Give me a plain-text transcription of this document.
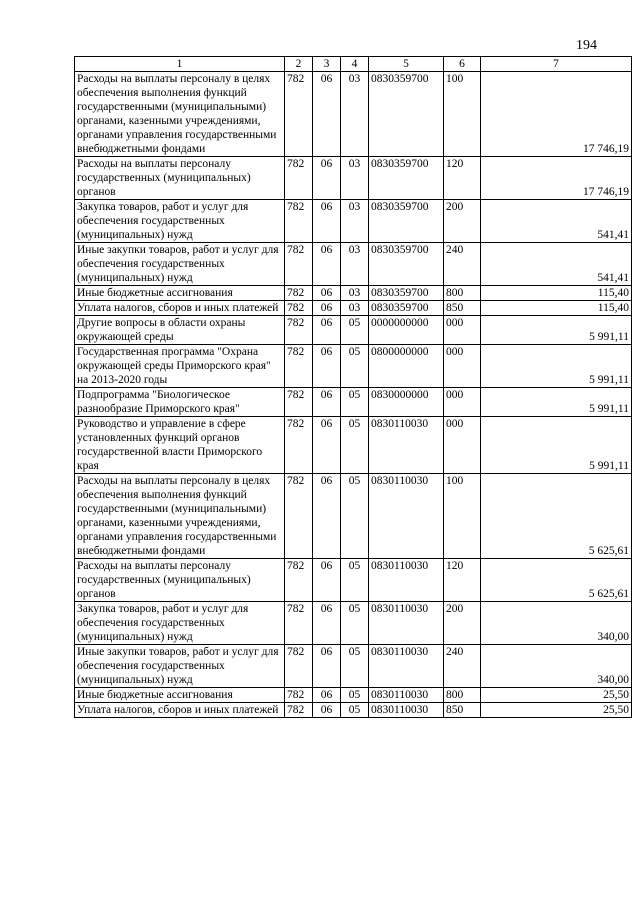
194
1	2	3	4	5	6	7
Расходы на выплаты персоналу в целях обеспечения выполнения функций государственными (муниципальными) органами, казенными учреждениями, органами управления государственными внебюджетными фондами	782	06	03	0830359700	100	17 746,19
Расходы на выплаты персоналу государственных (муниципальных) органов	782	06	03	0830359700	120	17 746,19
Закупка товаров, работ и услуг для обеспечения государственных (муниципальных) нужд	782	06	03	0830359700	200	541,41
Иные закупки товаров, работ и услуг для обеспечения государственных (муниципальных) нужд	782	06	03	0830359700	240	541,41
Иные бюджетные ассигнования	782	06	03	0830359700	800	115,40
Уплата налогов, сборов и иных платежей	782	06	03	0830359700	850	115,40
Другие вопросы в области охраны окружающей среды	782	06	05	0000000000	000	5 991,11
Государственная программа "Охрана окружающей среды Приморского края" на 2013-2020 годы	782	06	05	0800000000	000	5 991,11
Подпрограмма "Биологическое разнообразие Приморского края"	782	06	05	0830000000	000	5 991,11
Руководство и управление в сфере установленных функций органов государственной власти Приморского края	782	06	05	0830110030	000	5 991,11
Расходы на выплаты персоналу в целях обеспечения выполнения функций государственными (муниципальными) органами, казенными учреждениями, органами управления государственными внебюджетными фондами	782	06	05	0830110030	100	5 625,61
Расходы на выплаты персоналу государственных (муниципальных) органов	782	06	05	0830110030	120	5 625,61
Закупка товаров, работ и услуг для обеспечения государственных (муниципальных) нужд	782	06	05	0830110030	200	340,00
Иные закупки товаров, работ и услуг для обеспечения государственных (муниципальных) нужд	782	06	05	0830110030	240	340,00
Иные бюджетные ассигнования	782	06	05	0830110030	800	25,50
Уплата налогов, сборов и иных платежей	782	06	05	0830110030	850	25,50
